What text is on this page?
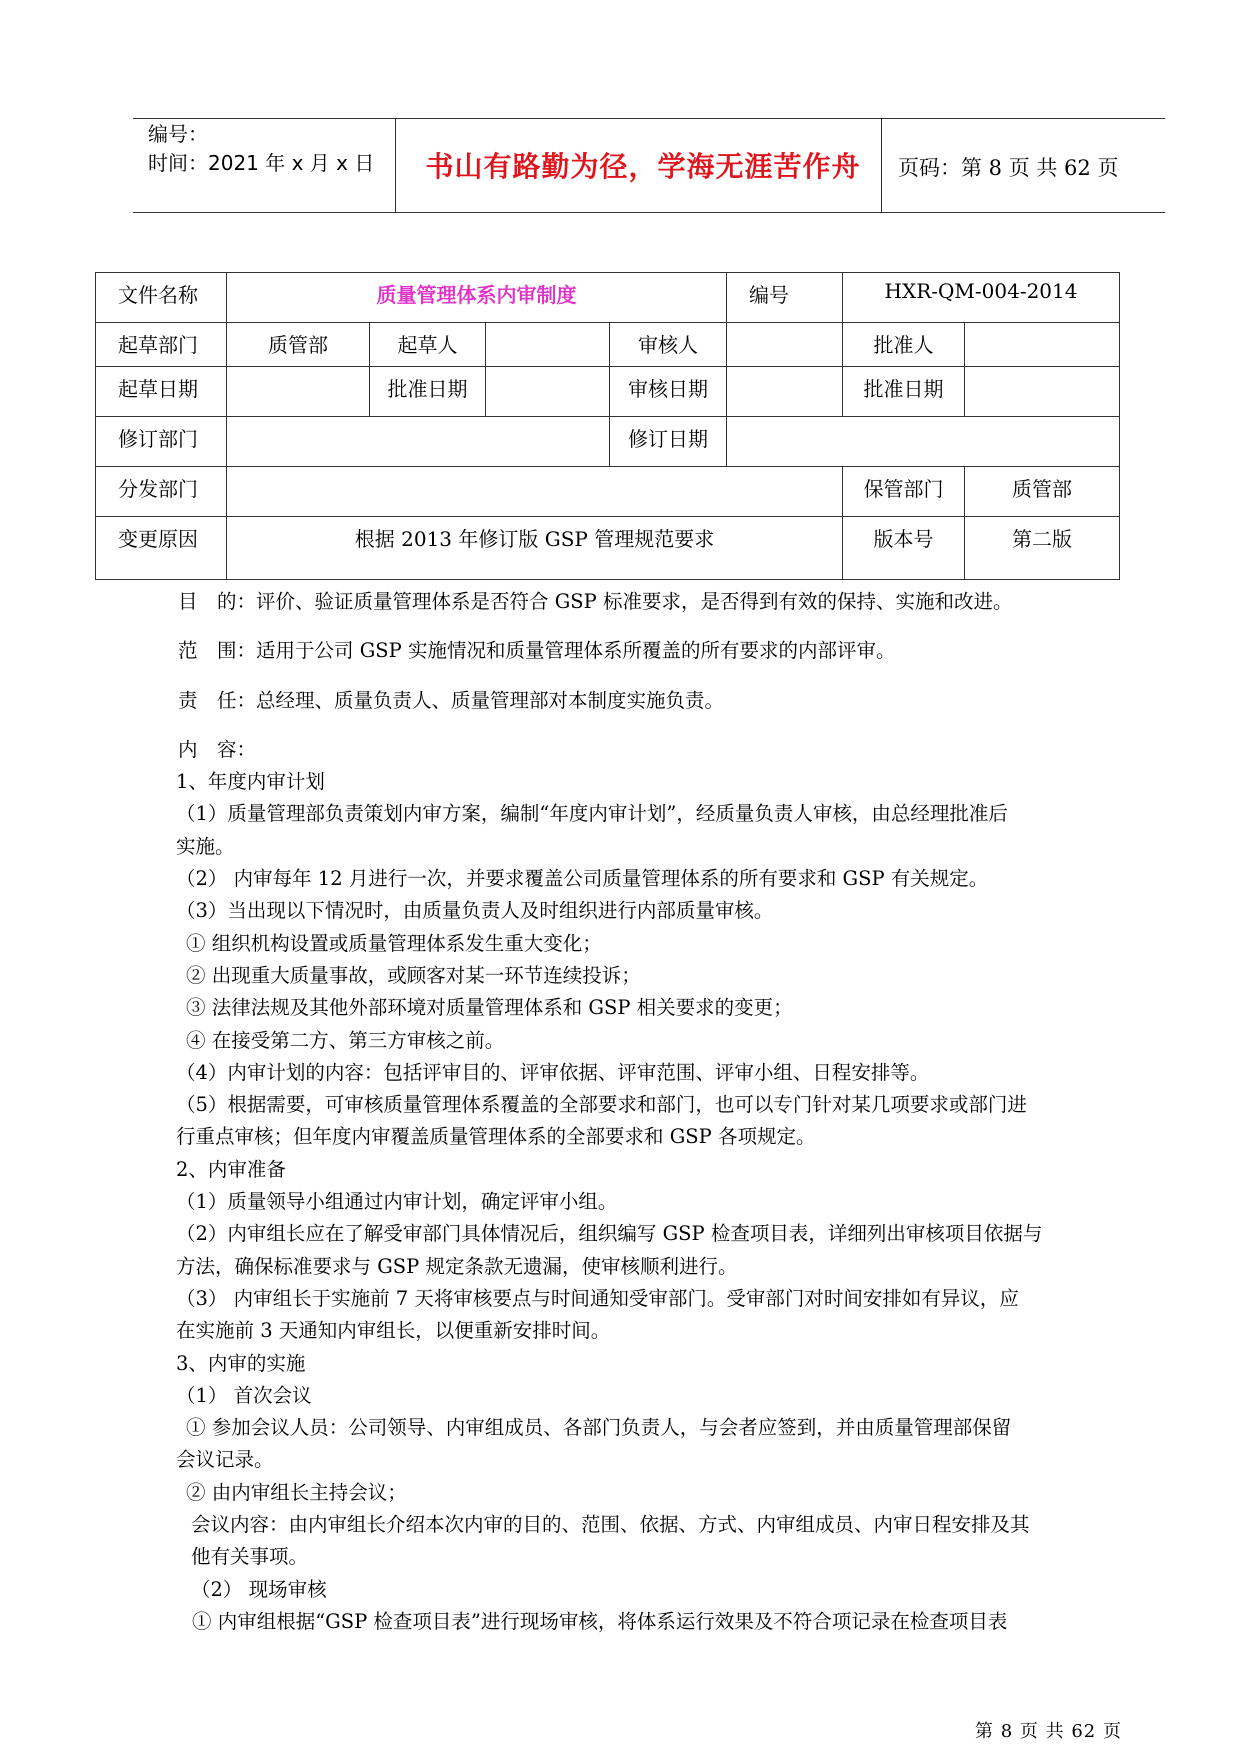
编号：
时间：2021 年 x 月 x 日	书山有路勤为径，学海无涯苦作舟	页码：第 8 页 共 62 页
文件名称	质量管理体系内审制度				编号	HXR-QM-004-2014	
起草部门	质管部	起草人		审核人		批准人	
起草日期		批准日期		审核日期		批准日期	
修订部门				修订日期			
分发部门						保管部门	质管部
变更原因	根据 2013 年修订版 GSP 管理规范要求					版本号	第二版

目　的：评价、验证质量管理体系是否符合 GSP 标准要求，是否得到有效的保持、实施和改进。

范　围：适用于公司 GSP 实施情况和质量管理体系所覆盖的所有要求的内部评审。

责　任：总经理、质量负责人、质量管理部对本制度实施负责。

内　容：

1、年度内审计划

（1）质量管理部负责策划内审方案，编制“年度内审计划”，经质量负责人审核，由总经理批准后

实施。

（2） 内审每年 12 月进行一次，并要求覆盖公司质量管理体系的所有要求和 GSP 有关规定。

（3）当出现以下情况时，由质量负责人及时组织进行内部质量审核。

① 组织机构设置或质量管理体系发生重大变化；

② 出现重大质量事故，或顾客对某一环节连续投诉；

③ 法律法规及其他外部环境对质量管理体系和 GSP 相关要求的变更；

④ 在接受第二方、第三方审核之前。

（4）内审计划的内容：包括评审目的、评审依据、评审范围、评审小组、日程安排等。

（5）根据需要，可审核质量管理体系覆盖的全部要求和部门，也可以专门针对某几项要求或部门进

行重点审核；但年度内审覆盖质量管理体系的全部要求和 GSP 各项规定。

2、内审准备

（1）质量领导小组通过内审计划，确定评审小组。

（2）内审组长应在了解受审部门具体情况后，组织编写 GSP 检查项目表，详细列出审核项目依据与

方法，确保标准要求与 GSP 规定条款无遗漏，使审核顺利进行。

（3） 内审组长于实施前 7 天将审核要点与时间通知受审部门。受审部门对时间安排如有异议，应

在实施前 3 天通知内审组长，以便重新安排时间。

3、内审的实施

（1） 首次会议

① 参加会议人员：公司领导、内审组成员、各部门负责人，与会者应签到，并由质量管理部保留

会议记录。

② 由内审组长主持会议；

会议内容：由内审组长介绍本次内审的目的、范围、依据、方式、内审组成员、内审日程安排及其

他有关事项。

（2） 现场审核

① 内审组根据“GSP 检查项目表”进行现场审核，将体系运行效果及不符合项记录在检查项目表

第 8 页 共 62 页
